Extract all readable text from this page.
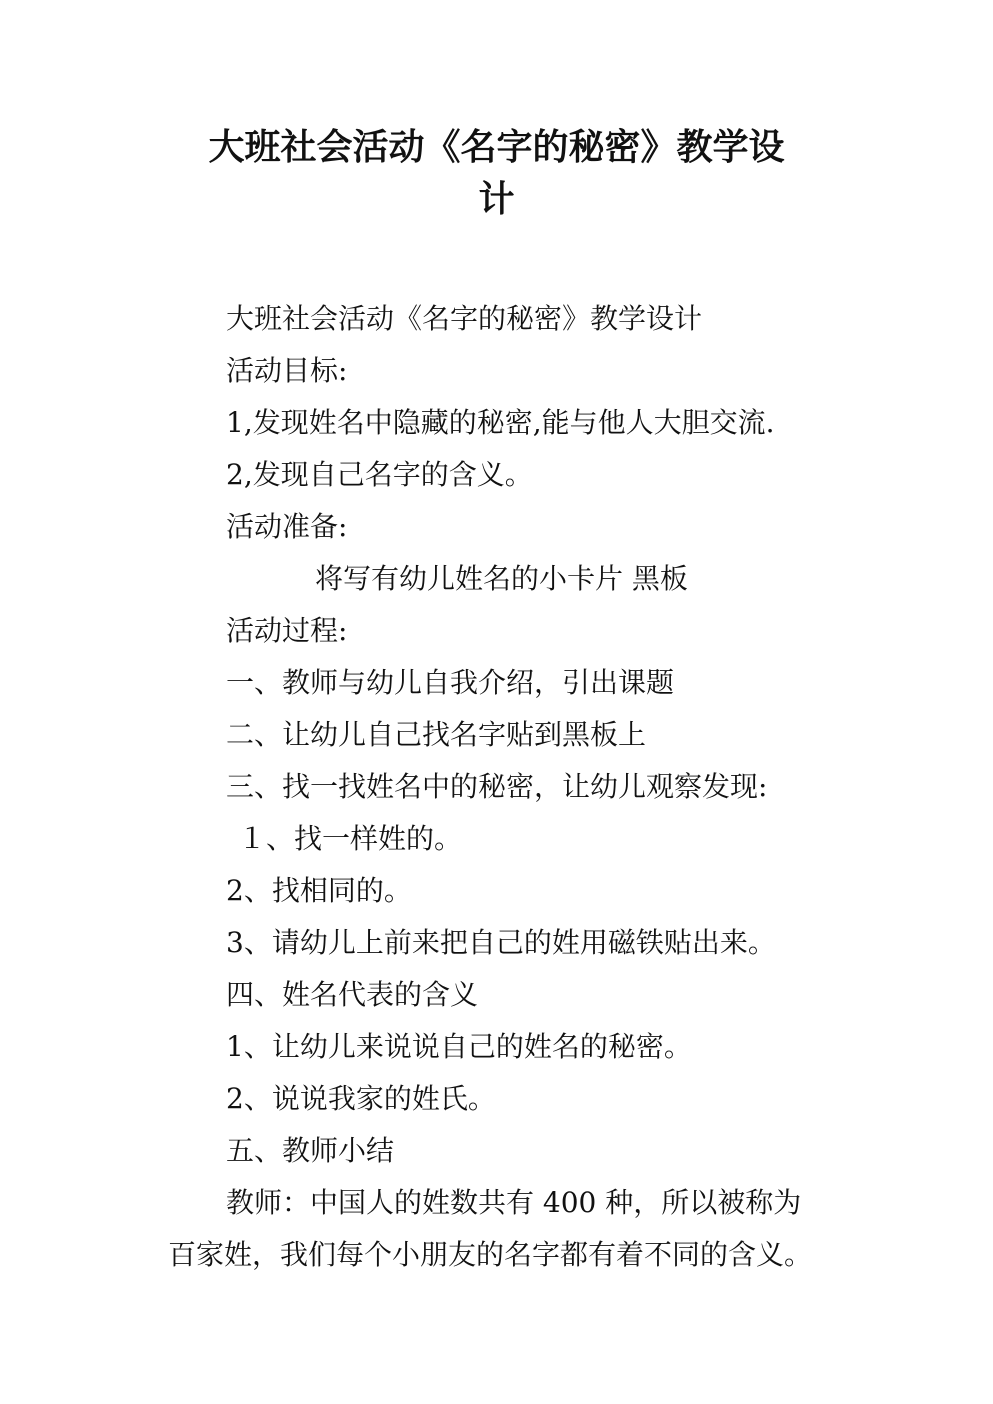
大班社会活动《名字的秘密》教学设
计

大班社会活动《名字的秘密》教学设计

活动目标:

1,发现姓名中隐藏的秘密,能与他人大胆交流.

2,发现自己名字的含义。

活动准备:

将写有幼儿姓名的小卡片 黑板

活动过程:

一、教师与幼儿自我介绍，引出课题

二、让幼儿自己找名字贴到黑板上

三、找一找姓名中的秘密，让幼儿观察发现:

１、找一样姓的。

2、找相同的。

3、请幼儿上前来把自己的姓用磁铁贴出来。

四、姓名代表的含义

1、让幼儿来说说自己的姓名的秘密。

2、说说我家的姓氏。

五、教师小结

教师：中国人的姓数共有 400 种，所以被称为

百家姓，我们每个小朋友的名字都有着不同的含义。
